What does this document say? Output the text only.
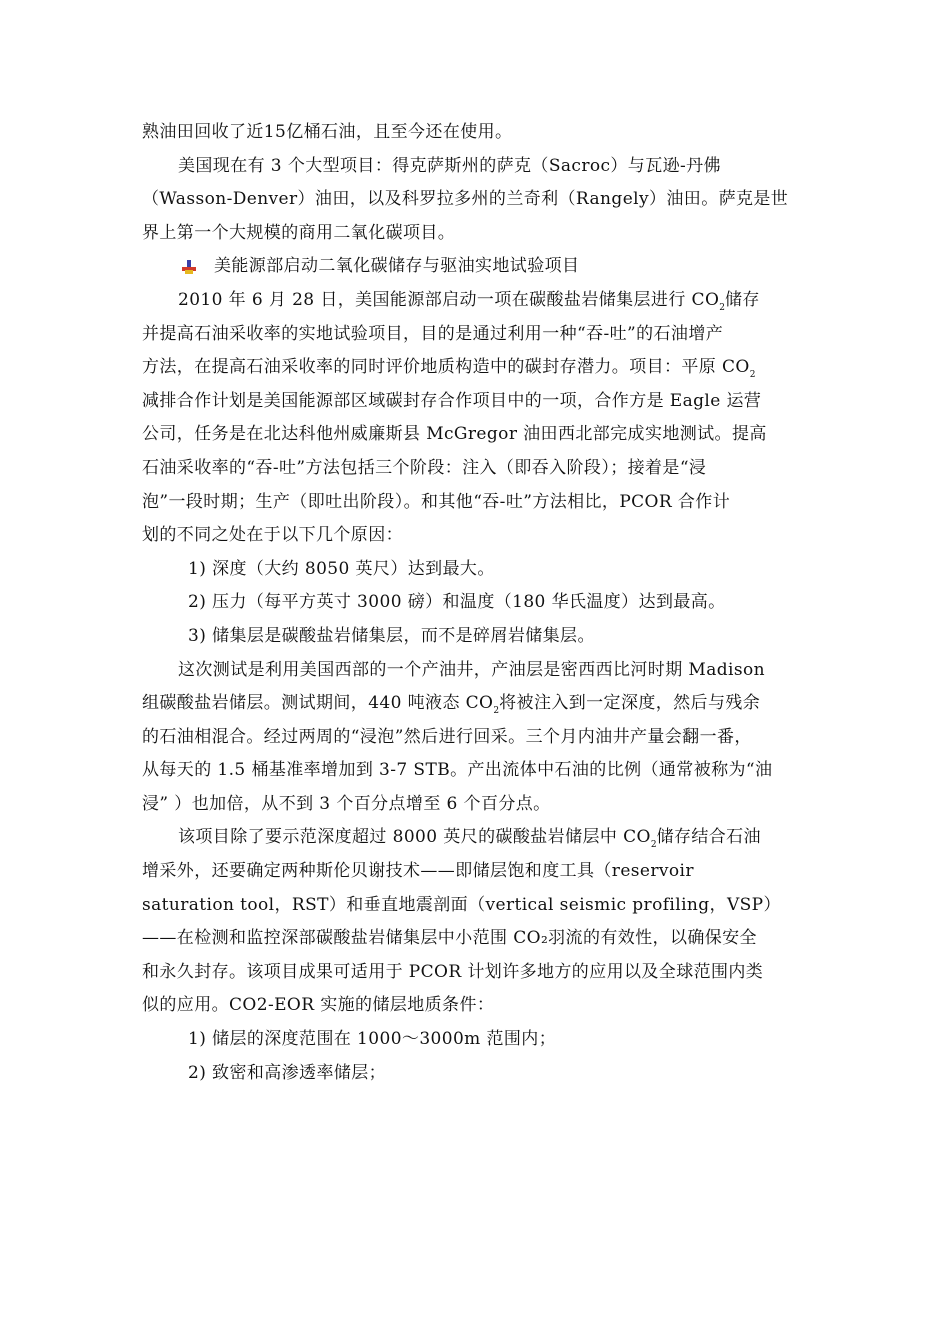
熟油田回收了近15亿桶石油，且至今还在使用。
美国现在有 3 个大型项目：得克萨斯州的萨克（Sacroc）与瓦逊-丹佛
（Wasson-Denver）油田，以及科罗拉多州的兰奇利（Rangely）油田。萨克是世
界上第一个大规模的商用二氧化碳项目。
美能源部启动二氧化碳储存与驱油实地试验项目
2010 年 6 月 28 日，美国能源部启动一项在碳酸盐岩储集层进行 $CO_2$储存
并提高石油采收率的实地试验项目，目的是通过利用一种“吞-吐”的石油增产
方法，在提高石油采收率的同时评价地质构造中的碳封存潜力。项目：平原 $CO_2$
减排合作计划是美国能源部区域碳封存合作项目中的一项，合作方是 Eagle 运营
公司，任务是在北达科他州威廉斯县 McGregor 油田西北部完成实地测试。提高
石油采收率的“吞-吐”方法包括三个阶段：注入（即吞入阶段）；接着是“浸
泡”一段时期；生产（即吐出阶段）。和其他“吞-吐”方法相比，PCOR 合作计
划的不同之处在于以下几个原因：
1) 深度（大约 8050 英尺）达到最大。
2) 压力（每平方英寸 3000 磅）和温度（180 华氏温度）达到最高。
3) 储集层是碳酸盐岩储集层，而不是碎屑岩储集层。
这次测试是利用美国西部的一个产油井，产油层是密西西比河时期 Madison
组碳酸盐岩储层。测试期间，440 吨液态 $CO_2$将被注入到一定深度，然后与残余
的石油相混合。经过两周的“浸泡”然后进行回采。三个月内油井产量会翻一番，
从每天的 1.5 桶基准率增加到 3-7 STB。产出流体中石油的比例（通常被称为“油
浸” ）也加倍，从不到 3 个百分点增至 6 个百分点。
该项目除了要示范深度超过 8000 英尺的碳酸盐岩储层中 $CO_2$储存结合石油
增采外，还要确定两种斯伦贝谢技术——即储层饱和度工具（reservoir
saturation tool，RST）和垂直地震剖面（vertical seismic profiling，VSP）
——在检测和监控深部碳酸盐岩储集层中小范围 CO₂羽流的有效性，以确保安全
和永久封存。该项目成果可适用于 PCOR 计划许多地方的应用以及全球范围内类
似的应用。CO2-EOR 实施的储层地质条件：
1) 储层的深度范围在 1000～3000m 范围内；
2) 致密和高渗透率储层；
